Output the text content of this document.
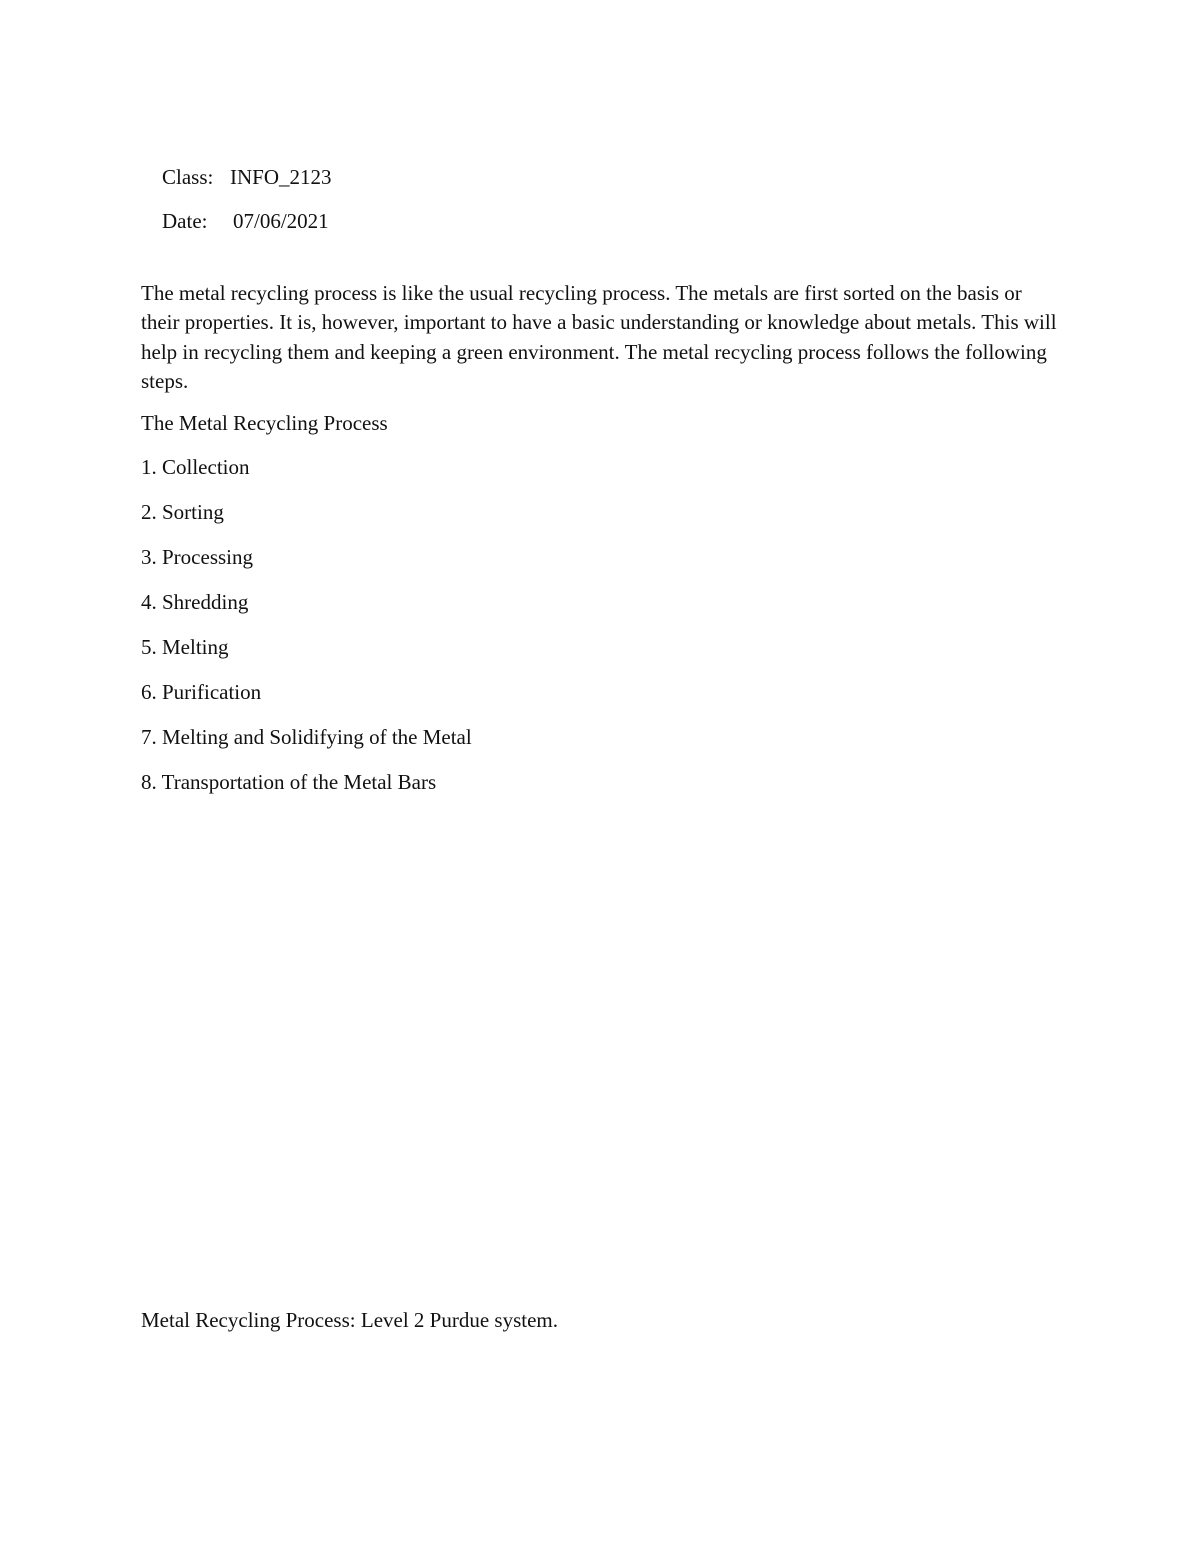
Class: INFO_2123

Date: 07/06/2021

The metal recycling process is like the usual recycling process. The metals are first sorted on the basis or their properties. It is, however, important to have a basic understanding or knowledge about metals. This will help in recycling them and keeping a green environment. The metal recycling process follows the following steps.

The Metal Recycling Process
1. Collection
2. Sorting
3. Processing
4. Shredding
5. Melting
6. Purification
7. Melting and Solidifying of the Metal
8. Transportation of the Metal Bars
Metal Recycling Process: Level 2 Purdue system.
